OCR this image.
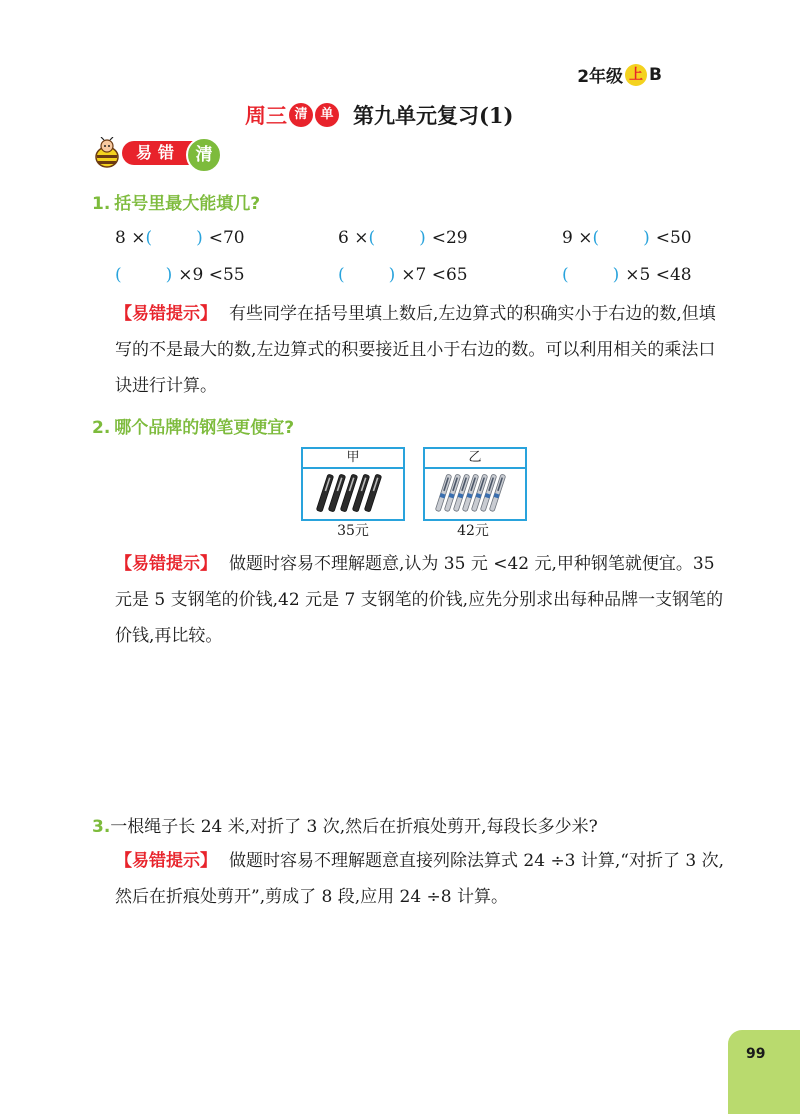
2年级 上 B
周三 清 单 第九单元复习(1)
易错 清
1. 括号里最大能填几?
8 × (	) <70	6 × (	) <29	9 × (	) <50
(	) ×9 <55	(	) ×7 <65	(	) ×5 <48
【易错提示】 有些同学在括号里填上数后,左边算式的积确实小于右边的数,但填写的不是最大的数,左边算式的积要接近且小于右边的数。可以利用相关的乘法口诀进行计算。
2. 哪个品牌的钢笔更便宜?
甲
35元
乙
42元
【易错提示】 做题时容易不理解题意,认为 35 元 <42 元,甲种钢笔就便宜。35 元是 5 支钢笔的价钱,42 元是 7 支钢笔的价钱,应先分别求出每种品牌一支钢笔的价钱,再比较。
3.一根绳子长 24 米,对折了 3 次,然后在折痕处剪开,每段长多少米?
【易错提示】 做题时容易不理解题意直接列除法算式 24 ÷3 计算,“对折了 3 次,然后在折痕处剪开”,剪成了 8 段,应用 24 ÷8 计算。
99
